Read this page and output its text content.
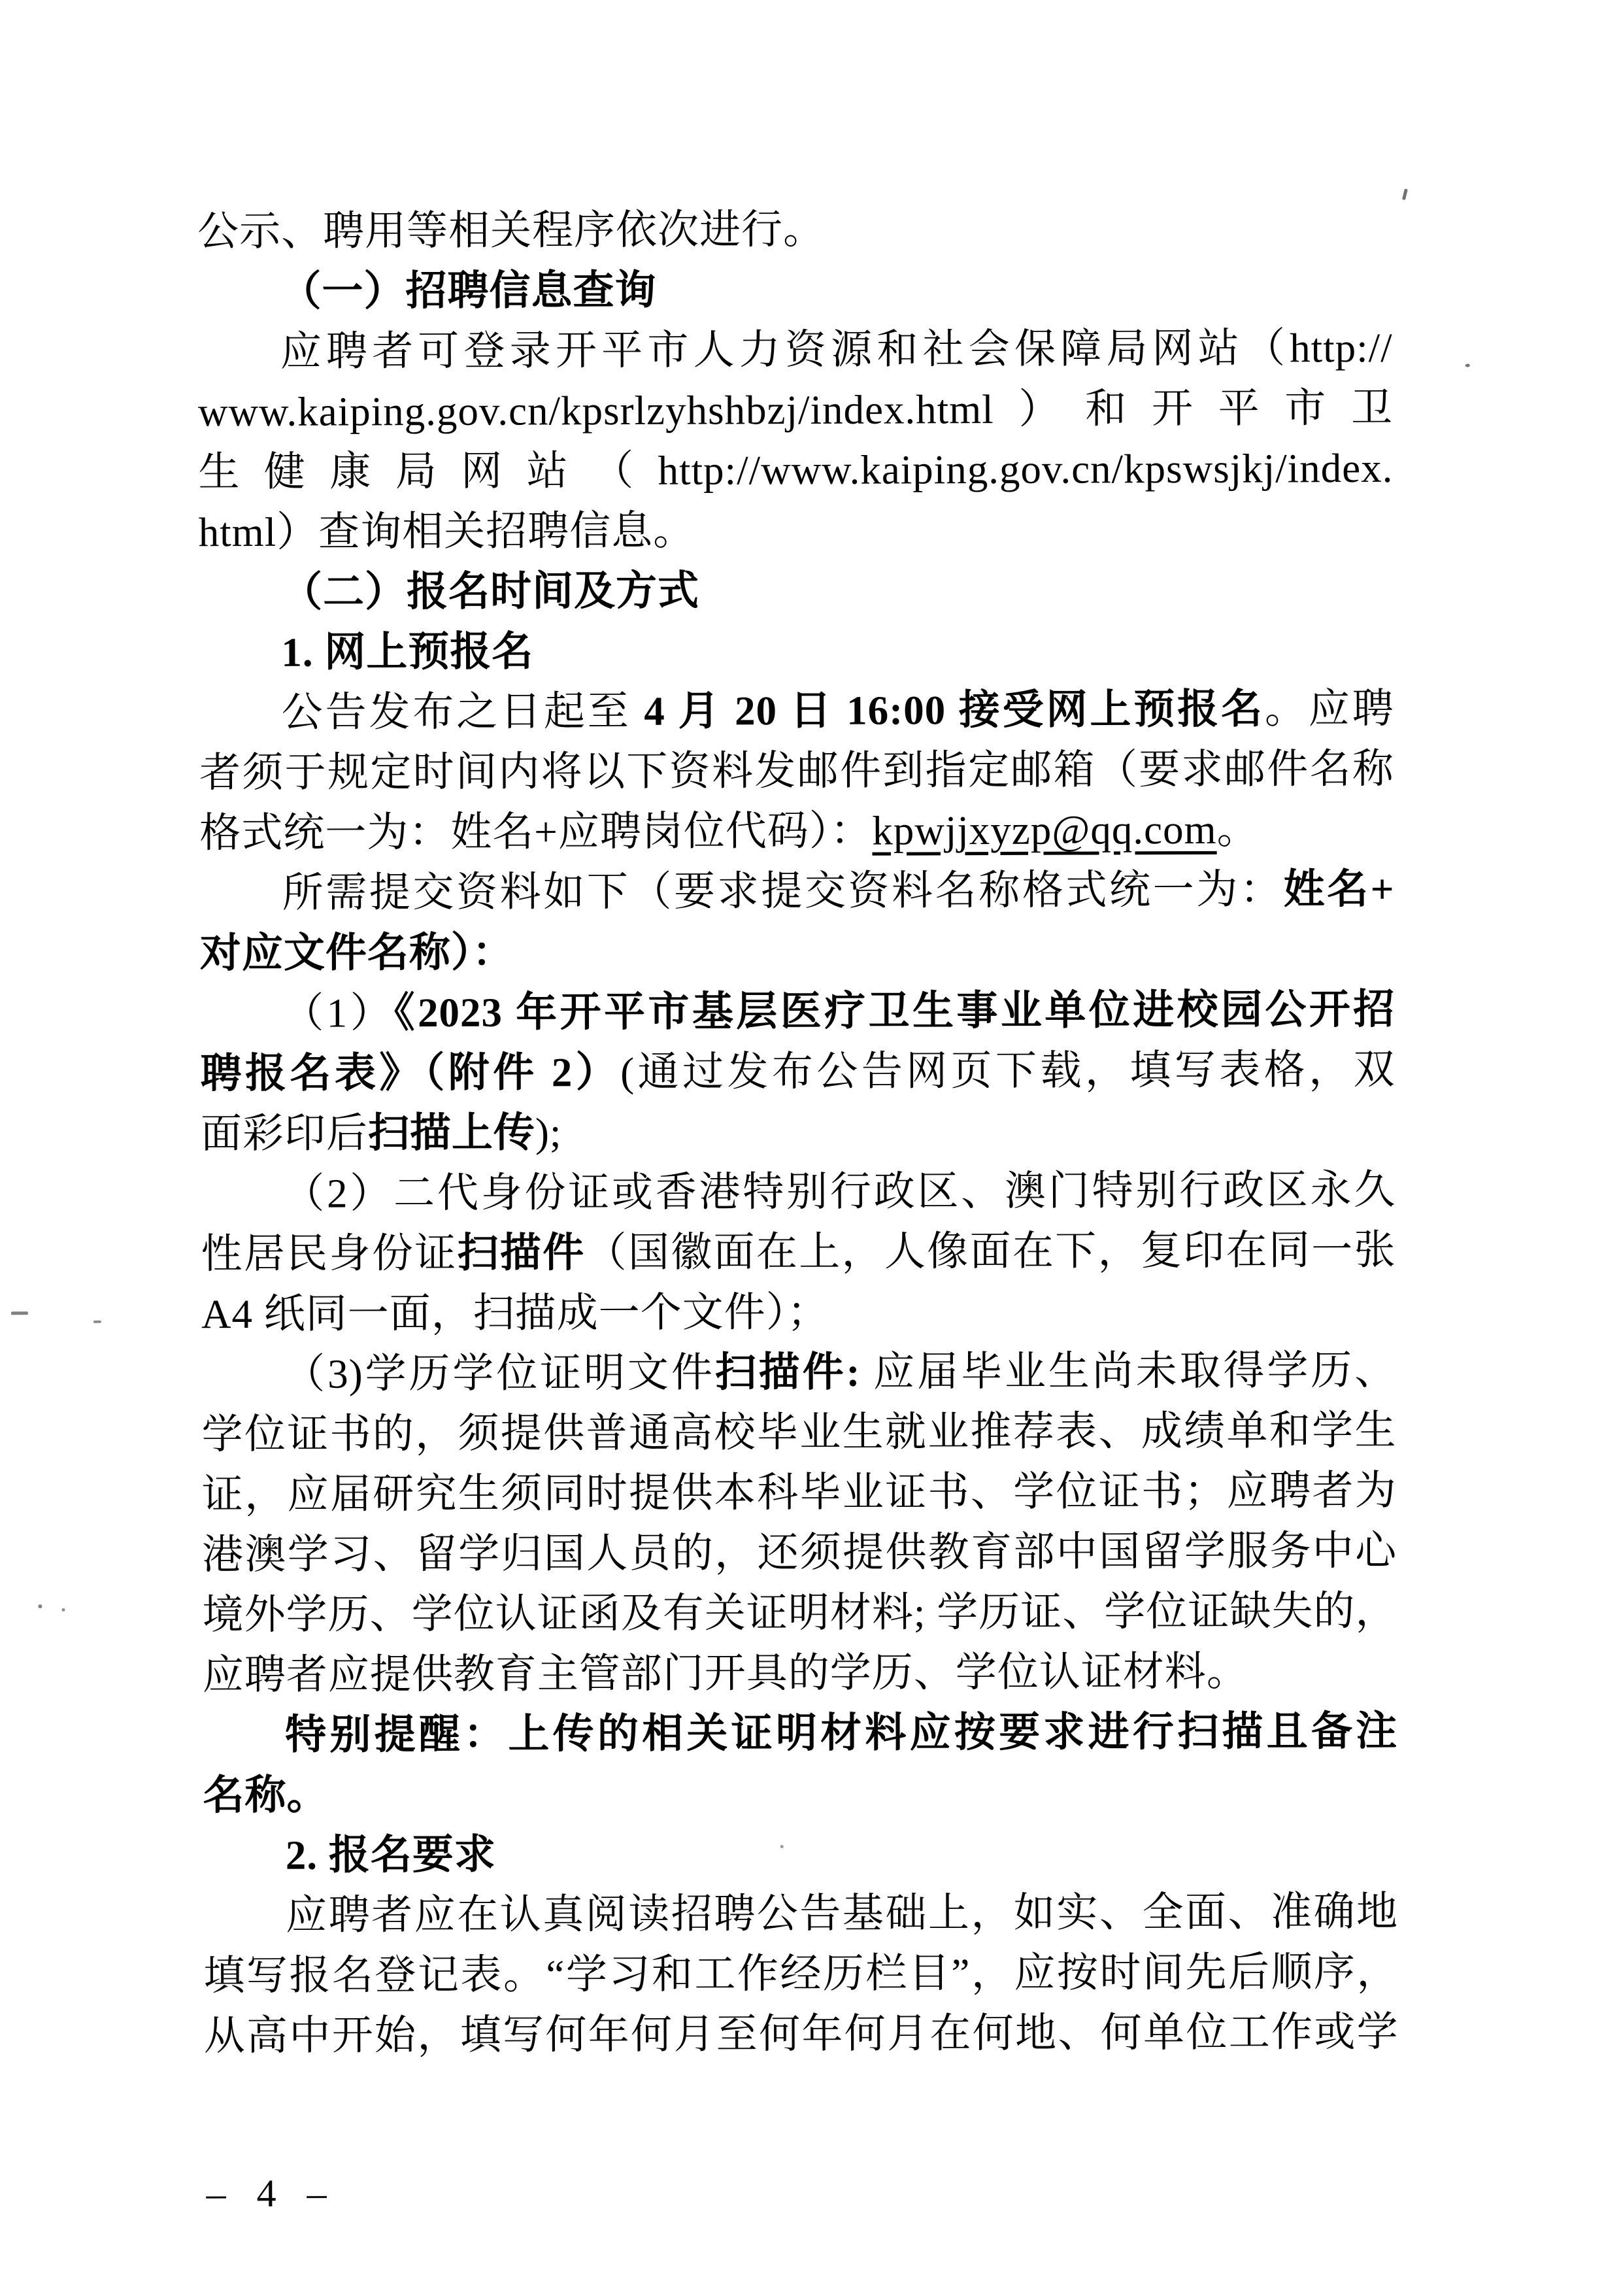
公示、聘用等相关程序依次进行。
（一）招聘信息查询
应聘者可登录开平市人力资源和社会保障局网站（http://
www.kaiping.gov.cn/kpsrlzyhshbzj/index.html）和开平市卫
生健康局网站（http://www.kaiping.gov.cn/kpswsjkj/index.
html）查询相关招聘信息。
（二）报名时间及方式
1. 网上预报名
公告发布之日起至 4 月 20 日 16:00 接受网上预报名。应聘
者须于规定时间内将以下资料发邮件到指定邮箱（要求邮件名称
格式统一为：姓名+应聘岗位代码）：kpwjjxyzp@qq.com。
所需提交资料如下（要求提交资料名称格式统一为：姓名+
对应文件名称）：
（1）《2023 年开平市基层医疗卫生事业单位进校园公开招
聘报名表》（附件 2）(通过发布公告网页下载，填写表格，双
面彩印后扫描上传);
（2）二代身份证或香港特别行政区、澳门特别行政区永久
性居民身份证扫描件（国徽面在上，人像面在下，复印在同一张
A4 纸同一面，扫描成一个文件）；
（3)学历学位证明文件扫描件: 应届毕业生尚未取得学历、
学位证书的，须提供普通高校毕业生就业推荐表、成绩单和学生
证，应届研究生须同时提供本科毕业证书、学位证书；应聘者为
港澳学习、留学归国人员的，还须提供教育部中国留学服务中心
境外学历、学位认证函及有关证明材料; 学历证、学位证缺失的，
应聘者应提供教育主管部门开具的学历、学位认证材料。
特别提醒：上传的相关证明材料应按要求进行扫描且备注
名称。
2. 报名要求
应聘者应在认真阅读招聘公告基础上，如实、全面、准确地
填写报名登记表。“学习和工作经历栏目”，应按时间先后顺序，
从高中开始，填写何年何月至何年何月在何地、何单位工作或学
– 4 –
